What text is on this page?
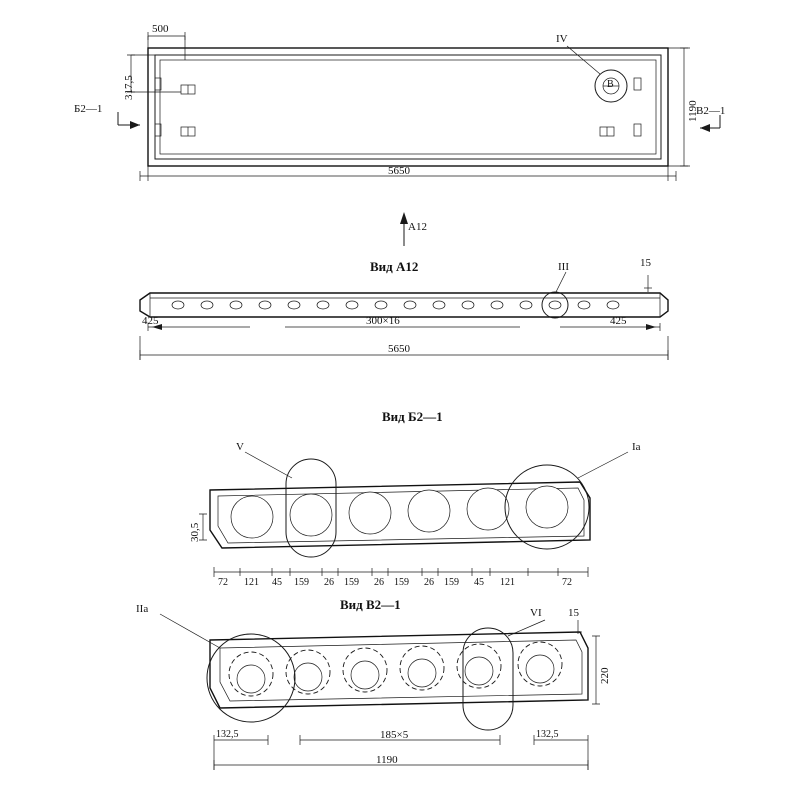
500
317,5
5650
1190
Б2—1	В2—1
IV
В
А12
Вид А12
425	300×16	425
5650
III	15
Вид Б2—1
V	Iа
30,5
72 121 45 159 26 159 26 159 26 159 45 121	72
Вид В2—1
IIа	VI 15
220
132,5	185×5	132,5
1190
